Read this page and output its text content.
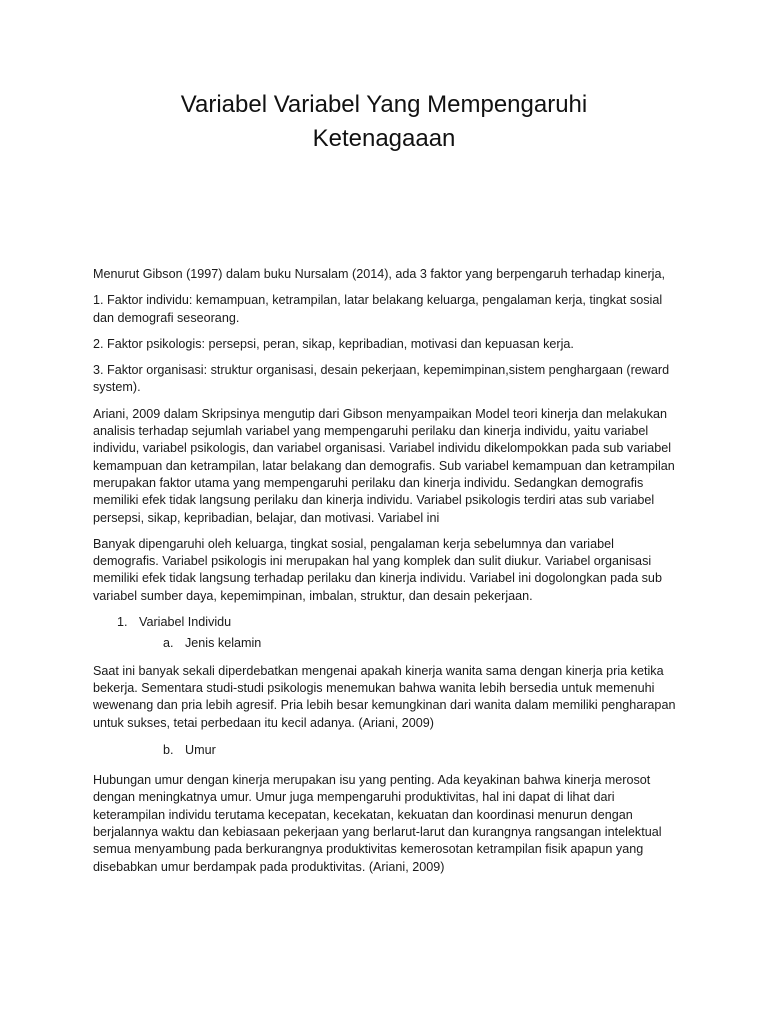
Variabel Variabel Yang Mempengaruhi
Ketenagaaan

Menurut Gibson (1997) dalam buku Nursalam (2014), ada 3 faktor yang berpengaruh terhadap kinerja,

1. Faktor individu: kemampuan, ketrampilan, latar belakang keluarga, pengalaman kerja, tingkat sosial dan demografi seseorang.

2. Faktor psikologis: persepsi, peran, sikap, kepribadian, motivasi dan kepuasan kerja.

3. Faktor organisasi: struktur organisasi, desain pekerjaan, kepemimpinan,sistem penghargaan (reward system).

Ariani, 2009 dalam Skripsinya mengutip dari Gibson menyampaikan Model teori kinerja dan melakukan analisis terhadap sejumlah variabel yang mempengaruhi perilaku dan kinerja individu, yaitu variabel individu, variabel psikologis, dan variabel organisasi. Variabel individu dikelompokkan pada sub variabel kemampuan dan ketrampilan, latar belakang dan demografis. Sub variabel kemampuan dan ketrampilan merupakan faktor utama yang mempengaruhi perilaku dan kinerja individu. Sedangkan demografis memiliki efek tidak langsung perilaku dan kinerja individu. Variabel psikologis terdiri atas sub variabel persepsi, sikap, kepribadian, belajar, dan motivasi. Variabel ini

Banyak dipengaruhi oleh keluarga, tingkat sosial, pengalaman kerja sebelumnya dan variabel demografis. Variabel psikologis ini merupakan hal yang komplek dan sulit diukur. Variabel organisasi memiliki efek tidak langsung terhadap perilaku dan kinerja individu. Variabel ini dogolongkan pada sub variabel sumber daya, kepemimpinan, imbalan, struktur, dan desain pekerjaan.

1. Variabel Individu
a. Jenis kelamin

Saat ini banyak sekali diperdebatkan mengenai apakah kinerja wanita sama dengan kinerja pria ketika bekerja. Sementara studi-studi psikologis menemukan bahwa wanita lebih bersedia untuk memenuhi wewenang dan pria lebih agresif. Pria lebih besar kemungkinan dari wanita dalam memiliki pengharapan untuk sukses, tetai perbedaan itu kecil adanya. (Ariani, 2009)

b. Umur

Hubungan umur dengan kinerja merupakan isu yang penting. Ada keyakinan bahwa kinerja merosot dengan meningkatnya umur. Umur juga mempengaruhi produktivitas, hal ini dapat di lihat dari keterampilan individu terutama kecepatan, kecekatan, kekuatan dan koordinasi menurun dengan berjalannya waktu dan kebiasaan pekerjaan yang berlarut-larut dan kurangnya rangsangan intelektual semua menyambung pada berkurangnya produktivitas kemerosotan ketrampilan fisik apapun yang disebabkan umur berdampak pada produktivitas. (Ariani, 2009)
